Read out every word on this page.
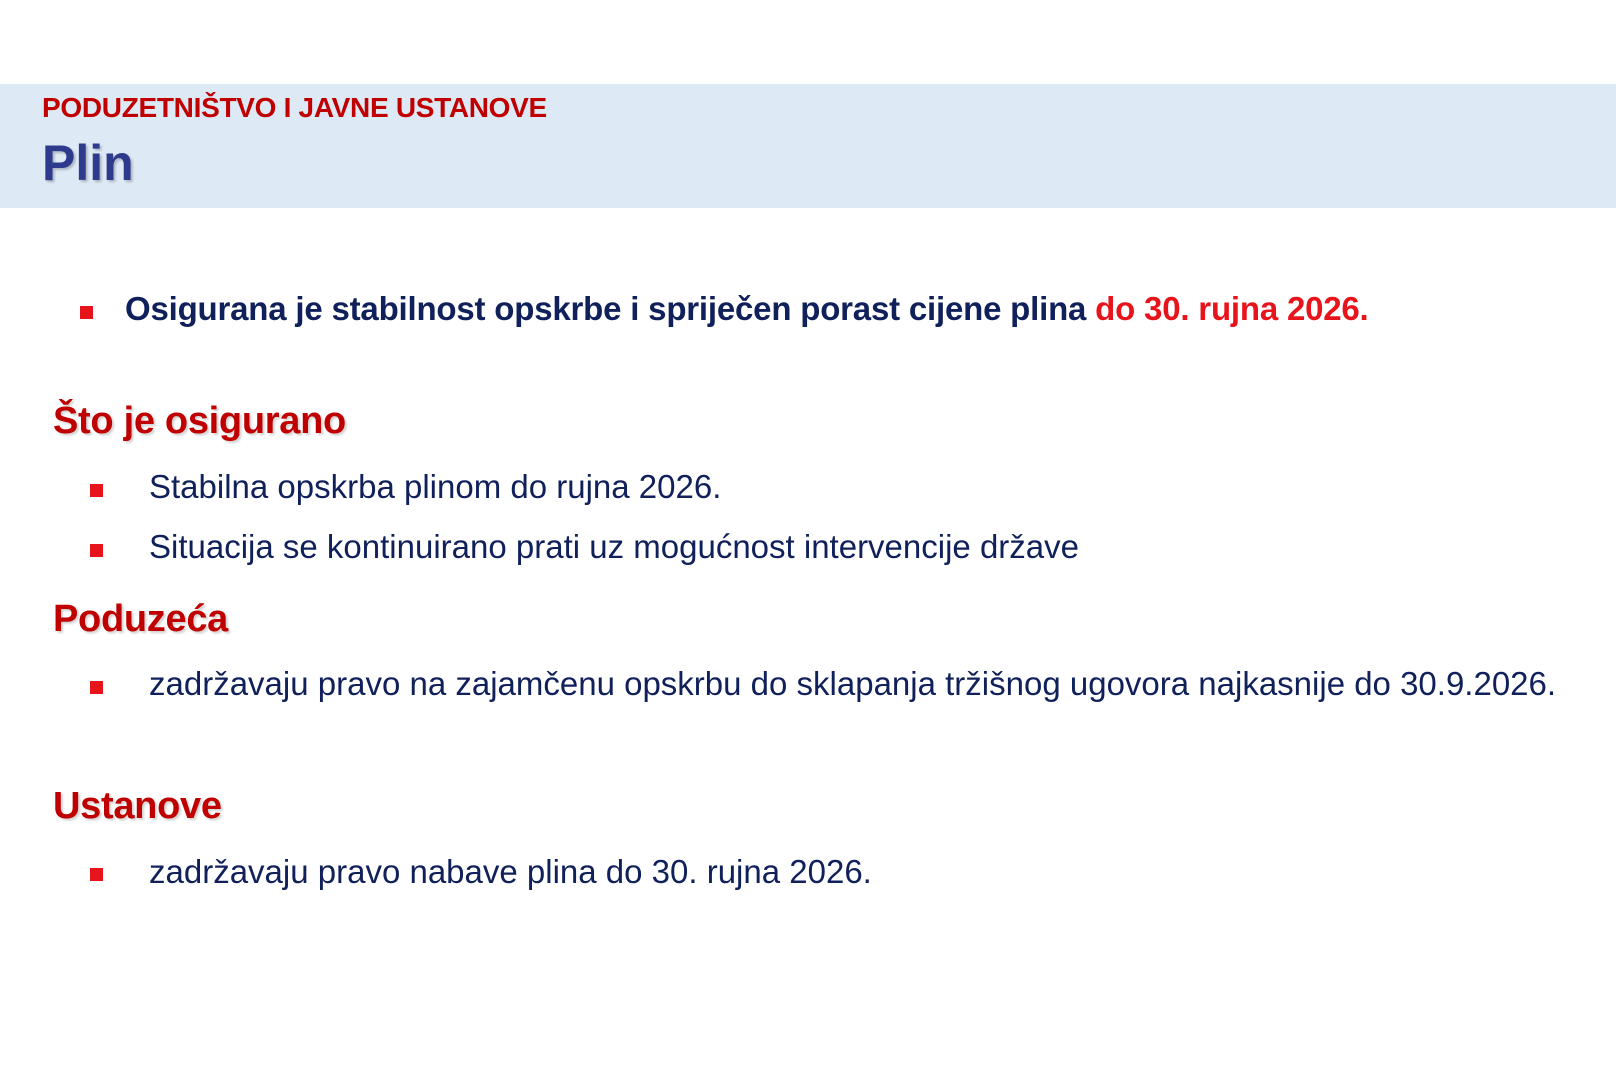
PODUZETNIŠTVO I JAVNE USTANOVE
Plin
Osigurana je stabilnost opskrbe i spriječen porast cijene plina do 30. rujna 2026.
Što je osigurano
Stabilna opskrba plinom do rujna 2026.
Situacija se kontinuirano prati uz mogućnost intervencije države
Poduzeća
zadržavaju pravo na zajamčenu opskrbu do sklapanja tržišnog ugovora najkasnije do 30.9.2026.
Ustanove
zadržavaju pravo nabave plina do 30. rujna 2026.
